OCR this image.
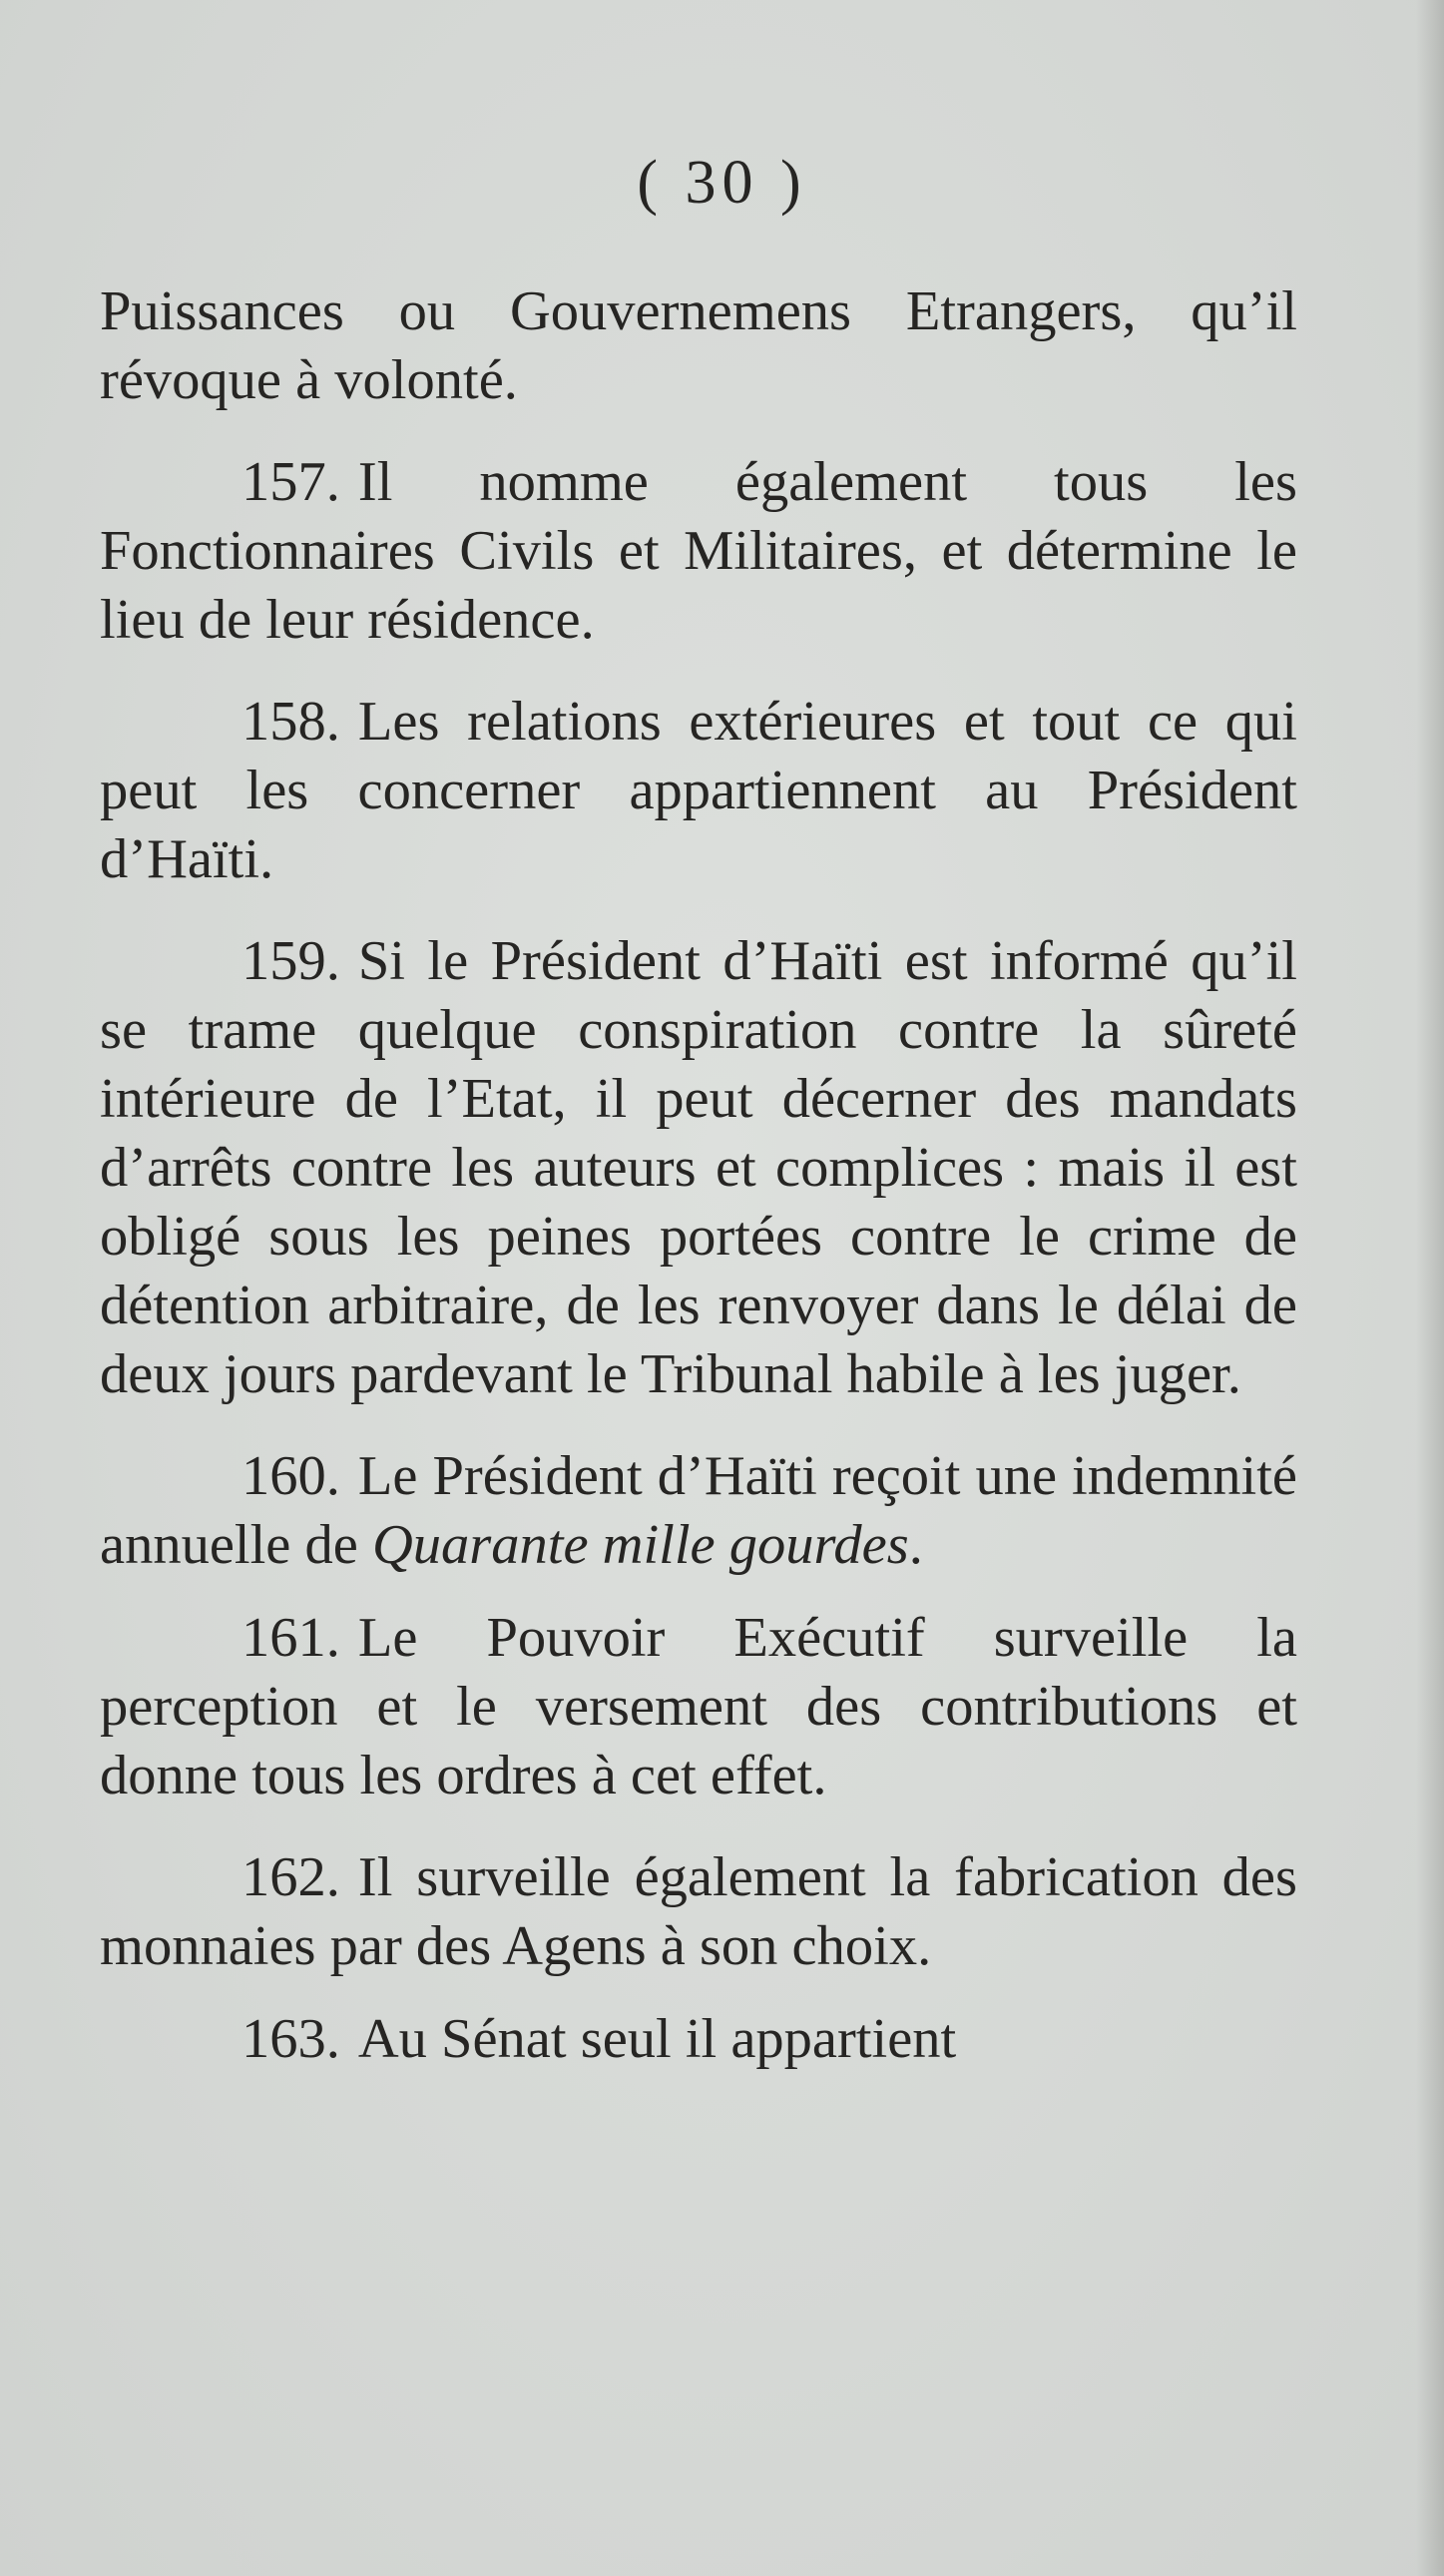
( 30 )

Puissances ou Gouvernemens Etrangers, qu’il révoque à volonté.

157. Il nomme également tous les Fonctionnaires Civils et Militaires, et détermine le lieu de leur résidence.

158. Les relations extérieures et tout ce qui peut les concerner appartiennent au Président d’Haïti.

159. Si le Président d’Haïti est informé qu’il se trame quelque conspiration contre la sûreté intérieure de l’Etat, il peut décerner des mandats d’arrêts contre les auteurs et complices : mais il est obligé sous les peines portées contre le crime de détention arbitraire, de les renvoyer dans le délai de deux jours pardevant le Tribunal habile à les juger.

160. Le Président d’Haïti reçoit une indemnité annuelle de Quarante mille gourdes.

161. Le Pouvoir Exécutif surveille la perception et le versement des contributions et donne tous les ordres à cet effet.

162. Il surveille également la fabrication des monnaies par des Agens à son choix.

163. Au Sénat seul il appartient
